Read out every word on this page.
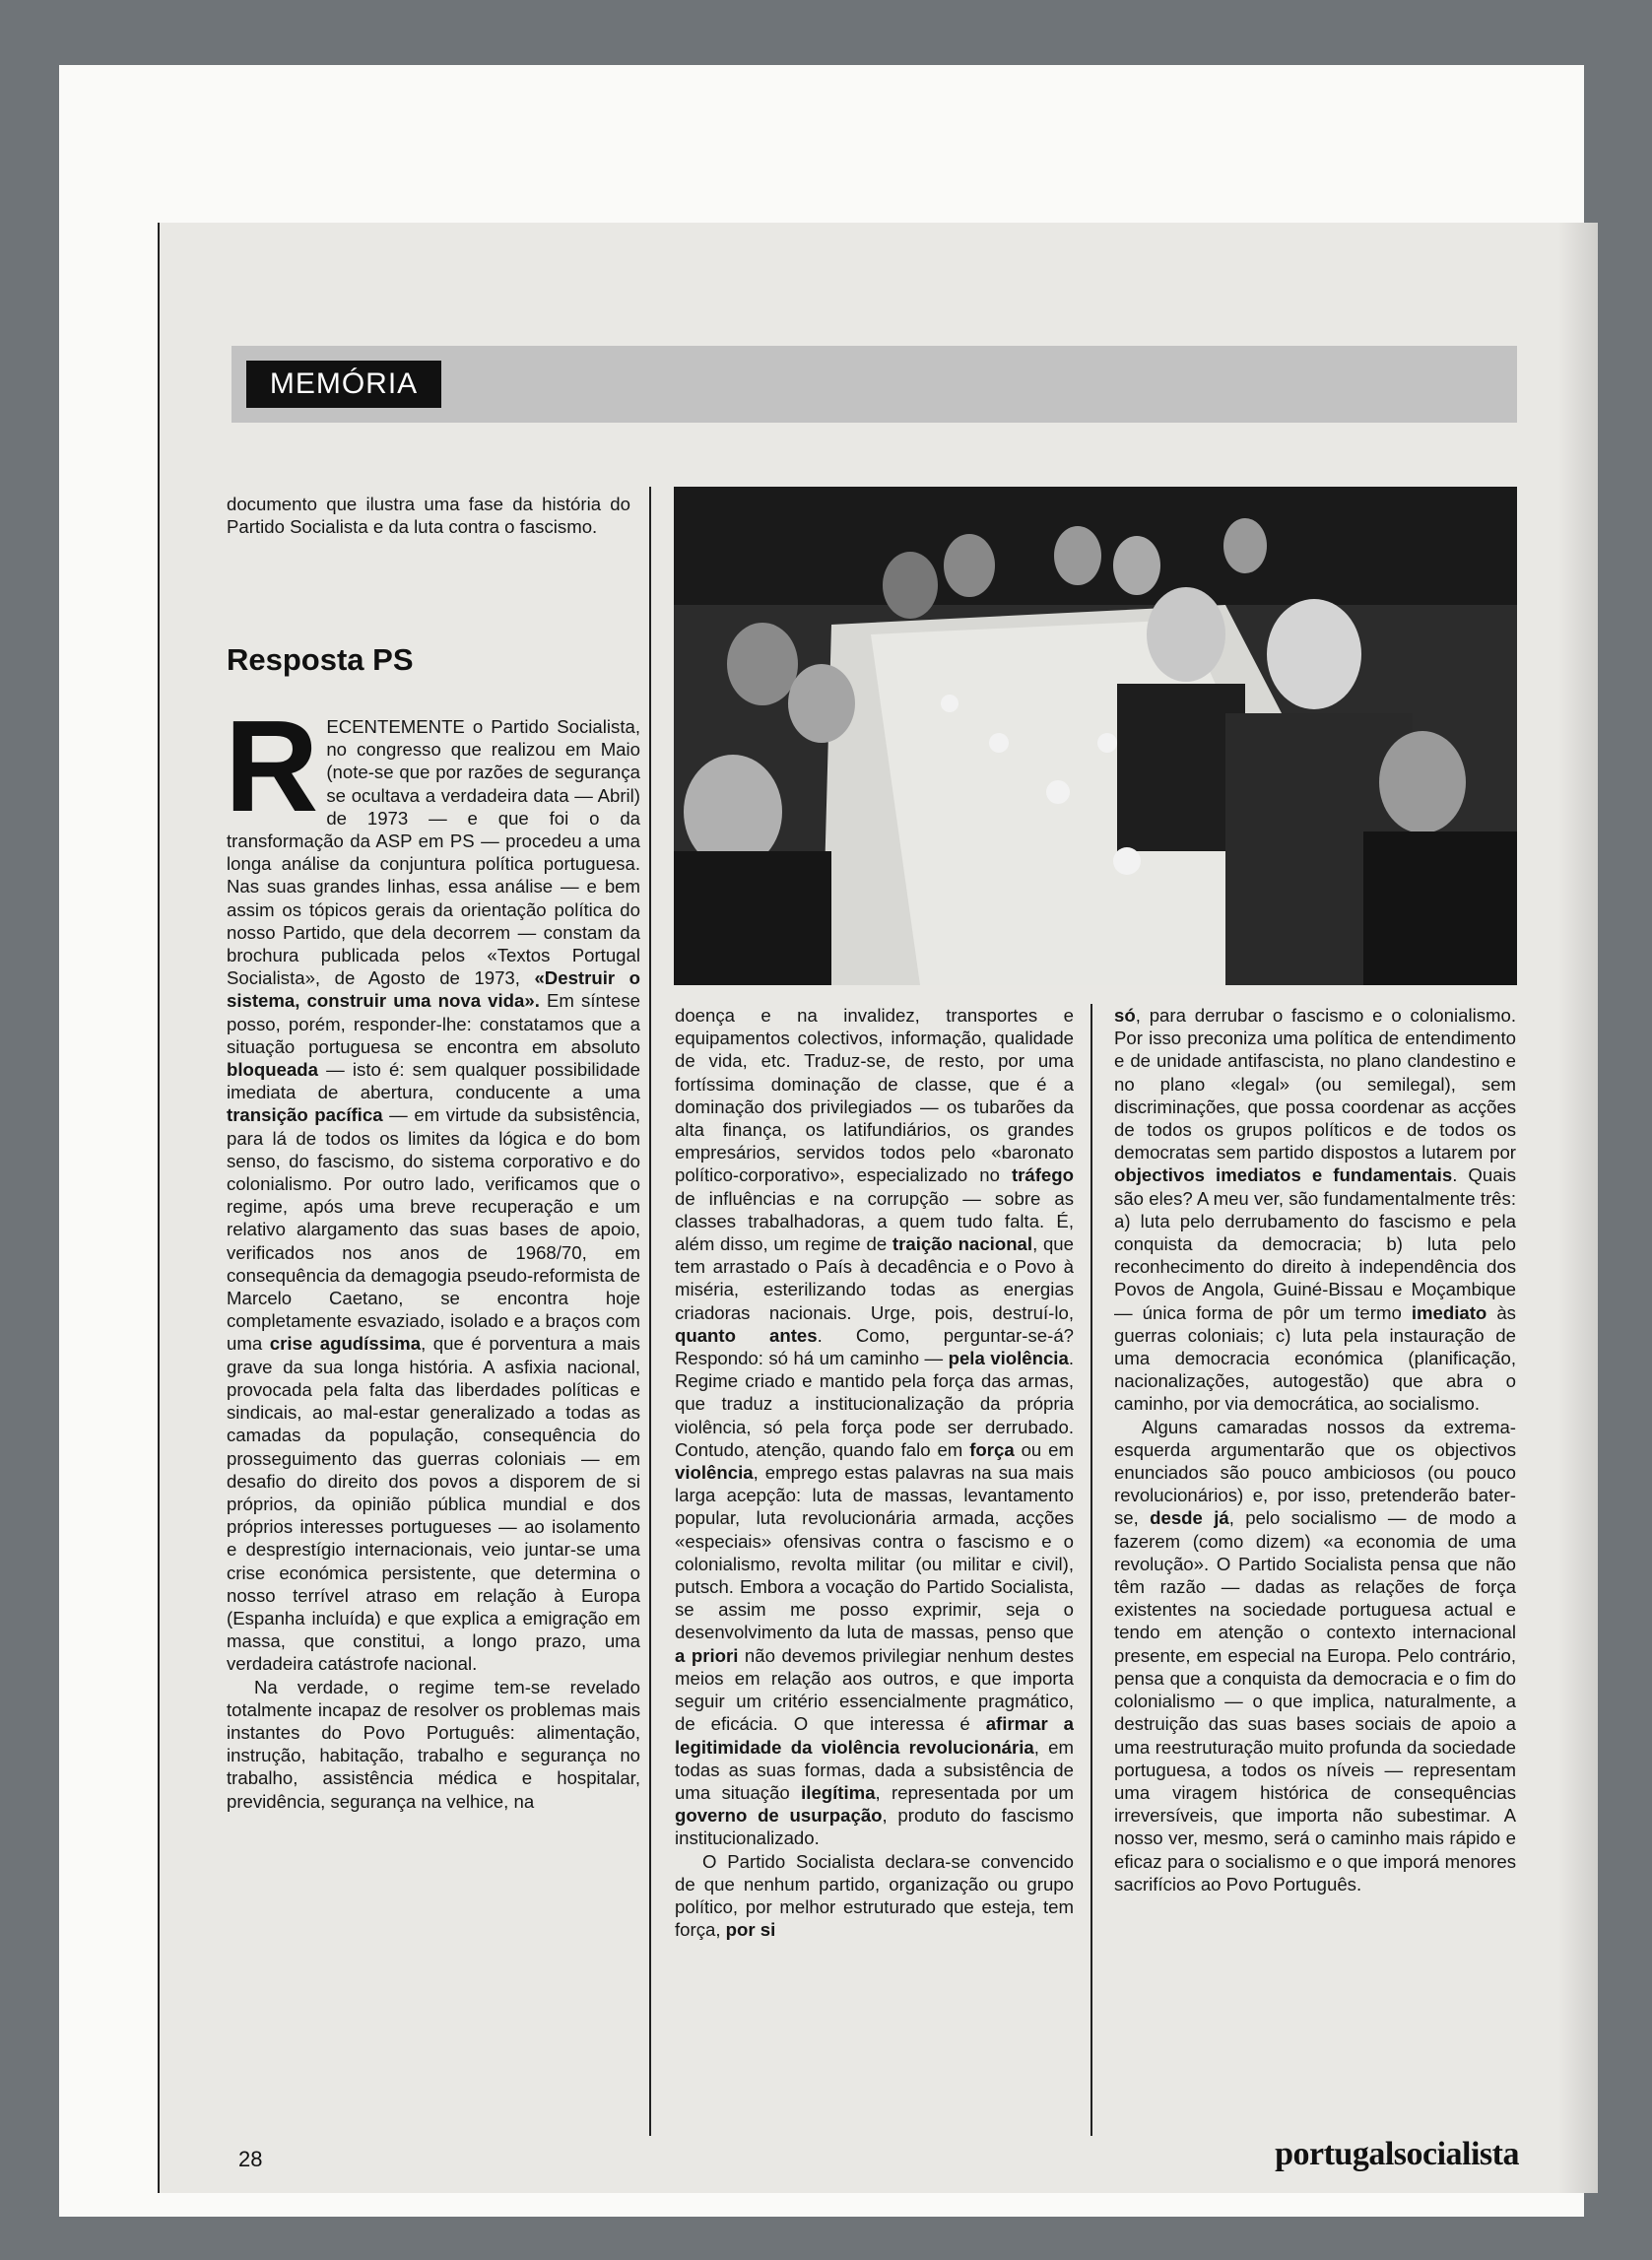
MEMÓRIA

documento que ilustra uma fase da história do Partido Socialista e da luta contra o fascismo.

Resposta PS

RECENTEMENTE o Partido Socialista, no congresso que realizou em Maio (note-se que por razões de segurança se ocultava a verdadeira data — Abril) de 1973 — e que foi o da transformação da ASP em PS — procedeu a uma longa análise da conjuntura política portuguesa. Nas suas grandes linhas, essa análise — e bem assim os tópicos gerais da orientação política do nosso Partido, que dela decorrem — constam da brochura publicada pelos «Textos Portugal Socialista», de Agosto de 1973, «Destruir o sistema, construir uma nova vida». Em síntese posso, porém, responder-lhe: constatamos que a situação portuguesa se encontra em absoluto bloqueada — isto é: sem qualquer possibilidade imediata de abertura, conducente a uma transição pacífica — em virtude da subsistência, para lá de todos os limites da lógica e do bom senso, do fascismo, do sistema corporativo e do colonialismo. Por outro lado, verificamos que o regime, após uma breve recuperação e um relativo alargamento das suas bases de apoio, verificados nos anos de 1968/70, em consequência da demagogia pseudo-reformista de Marcelo Caetano, se encontra hoje completamente esvaziado, isolado e a braços com uma crise agudíssima, que é porventura a mais grave da sua longa história. A asfixia nacional, provocada pela falta das liberdades políticas e sindicais, ao mal-estar generalizado a todas as camadas da população, consequência do prosseguimento das guerras coloniais — em desafio do direito dos povos a disporem de si próprios, da opinião pública mundial e dos próprios interesses portugueses — ao isolamento e desprestígio internacionais, veio juntar-se uma crise económica persistente, que determina o nosso terrível atraso em relação à Europa (Espanha incluída) e que explica a emigração em massa, que constitui, a longo prazo, uma verdadeira catástrofe nacional.

Na verdade, o regime tem-se revelado totalmente incapaz de resolver os problemas mais instantes do Povo Português: alimentação, instrução, habitação, trabalho e segurança no trabalho, assistência médica e hospitalar, previdência, segurança na velhice, na

doença e na invalidez, transportes e equipamentos colectivos, informação, qualidade de vida, etc. Traduz-se, de resto, por uma fortíssima dominação de classe, que é a dominação dos privilegiados — os tubarões da alta finança, os latifundiários, os grandes empresários, servidos todos pelo «baronato político-corporativo», especializado no tráfego de influências e na corrupção — sobre as classes trabalhadoras, a quem tudo falta. É, além disso, um regime de traição nacional, que tem arrastado o País à decadência e o Povo à miséria, esterilizando todas as energias criadoras nacionais. Urge, pois, destruí-lo, quanto antes. Como, perguntar-se-á? Respondo: só há um caminho — pela violência. Regime criado e mantido pela força das armas, que traduz a institucionalização da própria violência, só pela força pode ser derrubado. Contudo, atenção, quando falo em força ou em violência, emprego estas palavras na sua mais larga acepção: luta de massas, levantamento popular, luta revolucionária armada, acções «especiais» ofensivas contra o fascismo e o colonialismo, revolta militar (ou militar e civil), putsch. Embora a vocação do Partido Socialista, se assim me posso exprimir, seja o desenvolvimento da luta de massas, penso que a priori não devemos privilegiar nenhum destes meios em relação aos outros, e que importa seguir um critério essencialmente pragmático, de eficácia. O que interessa é afirmar a legitimidade da violência revolucionária, em todas as suas formas, dada a subsistência de uma situação ilegítima, representada por um governo de usurpação, produto do fascismo institucionalizado.

O Partido Socialista declara-se convencido de que nenhum partido, organização ou grupo político, por melhor estruturado que esteja, tem força, por si

só, para derrubar o fascismo e o colonialismo. Por isso preconiza uma política de entendimento e de unidade antifascista, no plano clandestino e no plano «legal» (ou semilegal), sem discriminações, que possa coordenar as acções de todos os grupos políticos e de todos os democratas sem partido dispostos a lutarem por objectivos imediatos e fundamentais. Quais são eles? A meu ver, são fundamentalmente três: a) luta pelo derrubamento do fascismo e pela conquista da democracia; b) luta pelo reconhecimento do direito à independência dos Povos de Angola, Guiné-Bissau e Moçambique — única forma de pôr um termo imediato às guerras coloniais; c) luta pela instauração de uma democracia económica (planificação, nacionalizações, autogestão) que abra o caminho, por via democrática, ao socialismo.

Alguns camaradas nossos da extrema-esquerda argumentarão que os objectivos enunciados são pouco ambiciosos (ou pouco revolucionários) e, por isso, pretenderão bater-se, desde já, pelo socialismo — de modo a fazerem (como dizem) «a economia de uma revolução». O Partido Socialista pensa que não têm razão — dadas as relações de força existentes na sociedade portuguesa actual e tendo em atenção o contexto internacional presente, em especial na Europa. Pelo contrário, pensa que a conquista da democracia e o fim do colonialismo — o que implica, naturalmente, a destruição das suas bases sociais de apoio a uma reestruturação muito profunda da sociedade portuguesa, a todos os níveis — representam uma viragem histórica de consequências irreversíveis, que importa não subestimar. A nosso ver, mesmo, será o caminho mais rápido e eficaz para o socialismo e o que imporá menores sacrifícios ao Povo Português.

28	portugalsocialista
